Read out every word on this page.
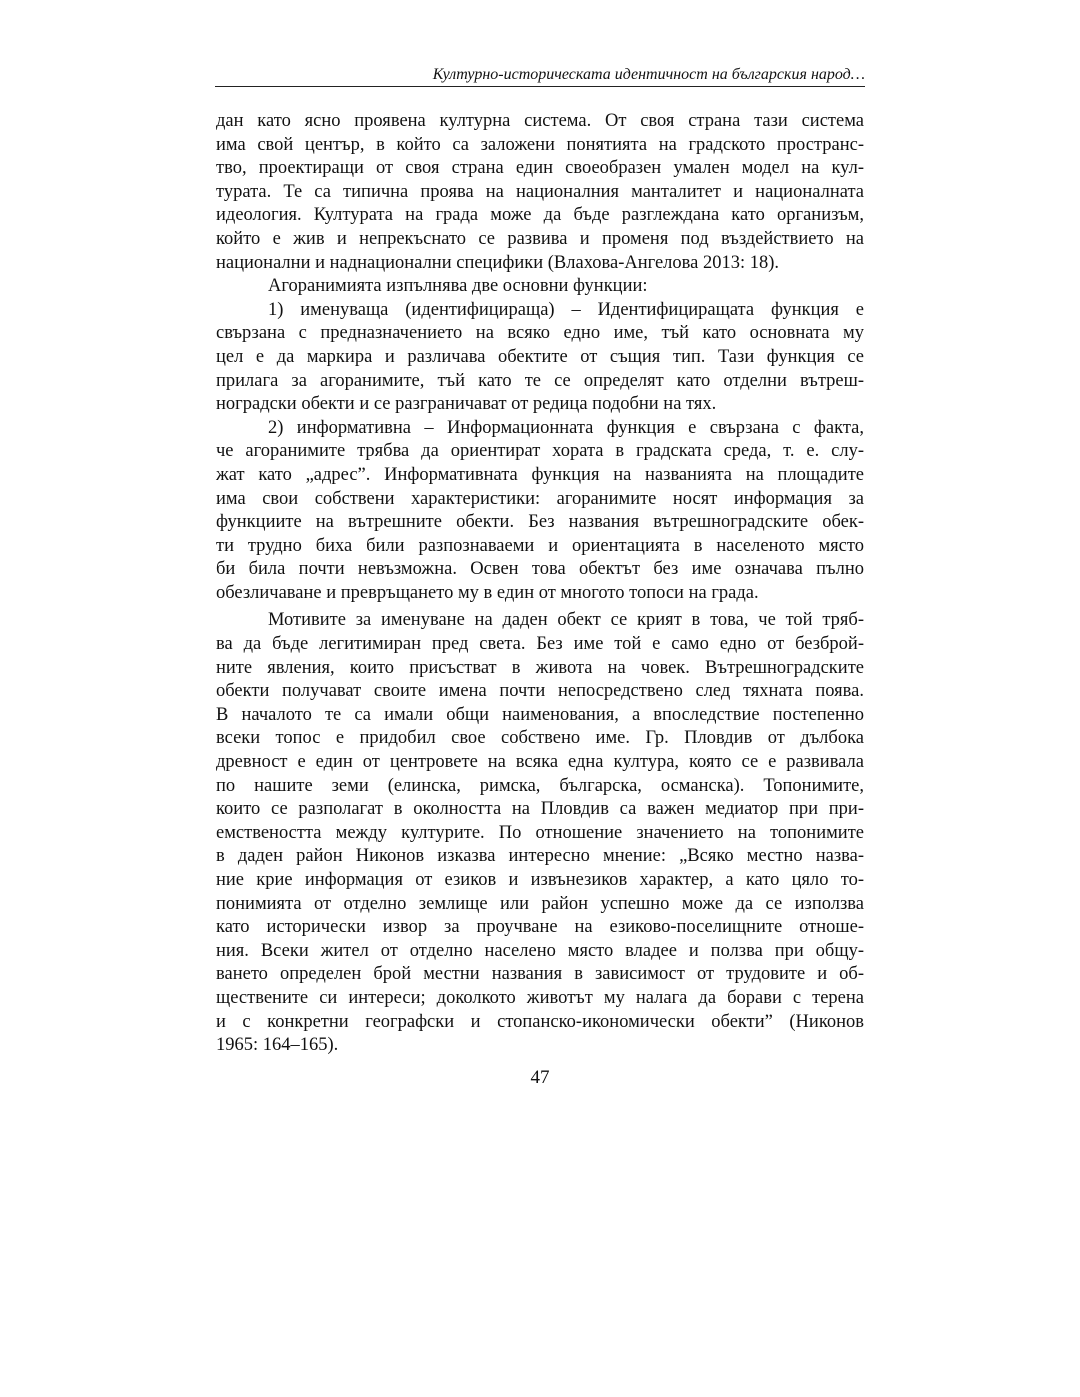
Културно-историческата идентичност на българския народ…
дан като ясно проявена културна система. От своя страна тази система
има свой център, в който са заложени понятията на градското пространс-
тво, проектиращи от своя страна един своеобразен умален модел на кул-
турата. Те са типична проява на националния манталитет и националната
идеология. Културата на града може да бъде разглеждана като организъм,
който е жив и непрекъснато се развива и променя под въздействието на
национални и наднационални специфики (Влахова-Ангелова 2013: 18).
Агоранимията изпълнява две основни функции:
1) именуваща (идентифицираща) – Идентифициращата функция е
свързана с предназначението на всяко едно име, тъй като основната му
цел е да маркира и различава обектите от същия тип. Тази функция се
прилага за агоранимите, тъй като те се определят като отделни вътреш-
ноградски обекти и се разграничават от редица подобни на тях.
2) информативна – Информационната функция е свързана с факта,
че агоранимите трябва да ориентират хората в градската среда, т. е. слу-
жат като „адрес”. Информативната функция на названията на площадите
има свои собствени характеристики: агоранимите носят информация за
функциите на вътрешните обекти. Без названия вътрешноградските обек-
ти трудно биха били разпознаваеми и ориентацията в населеното място
би била почти невъзможна. Освен това обектът без име означава пълно
обезличаване и превръщането му в един от многото топоси на града.
Мотивите за именуване на даден обект се крият в това, че той тряб-
ва да бъде легитимиран пред света. Без име той е само едно от безброй-
ните явления, които присъстват в живота на човек. Вътрешноградските
обекти получават своите имена почти непосредствено след тяхната поява.
В началото те са имали общи наименования, а впоследствие постепенно
всеки топос е придобил свое собствено име. Гр. Пловдив от дълбока
древност е един от центровете на всяка една култура, която се е развивала
по нашите земи (елинска, римска, българска, османска). Топонимите,
които се разполагат в околността на Пловдив са важен медиатор при при-
емствеността между културите. По отношение значението на топонимите
в даден район Никонов изказва интересно мнение: „Всяко местно назва-
ние крие информация от езиков и извънезиков характер, а като цяло то-
понимията от отделно землище или район успешно може да се използва
като исторически извор за проучване на езиково-поселищните отноше-
ния. Всеки жител от отделно населено място владее и ползва при общу-
ването определен брой местни названия в зависимост от трудовите и об-
ществените си интереси; доколкото животът му налага да борави с терена
и с конкретни географски и стопанско-икономически обекти” (Никонов
1965: 164–165).
47
